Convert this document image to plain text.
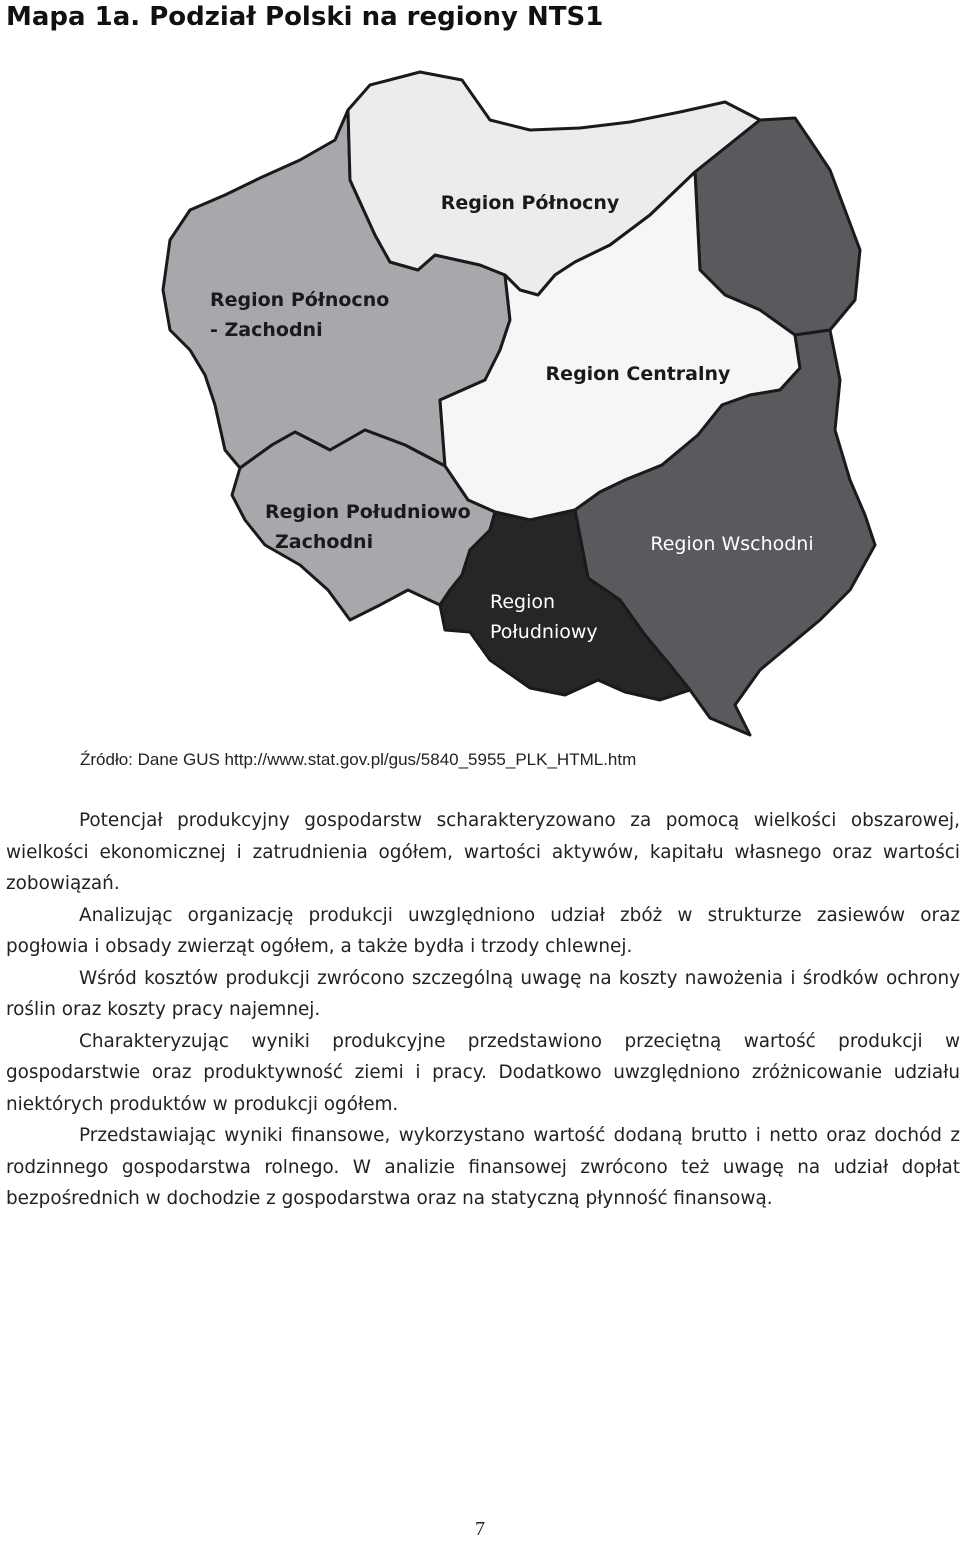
Mapa 1a. Podział Polski na regiony NTS1
Region Północny
Region Północno
- Zachodni
Region Centralny
Region Południowo
Zachodni
Region
Południowy
Region Wschodni
Źródło: Dane GUS http://www.stat.gov.pl/gus/5840_5955_PLK_HTML.htm

Potencjał produkcyjny gospodarstw scharakteryzowano za pomocą wielkości obszarowej, wielkości ekonomicznej i zatrudnienia ogółem, wartości aktywów, kapitału własnego oraz wartości zobowiązań.

Analizując organizację produkcji uwzględniono udział zbóż w strukturze zasiewów oraz pogłowia i obsady zwierząt ogółem, a także bydła i trzody chlewnej.

Wśród kosztów produkcji zwrócono szczególną uwagę na koszty nawożenia i środków ochrony roślin oraz koszty pracy najemnej.

Charakteryzując wyniki produkcyjne przedstawiono przeciętną wartość produkcji w gospodarstwie oraz produktywność ziemi i pracy. Dodatkowo uwzględniono zróżnicowanie udziału niektórych produktów w produkcji ogółem.

Przedstawiając wyniki finansowe, wykorzystano wartość dodaną brutto i netto oraz dochód z rodzinnego gospodarstwa rolnego. W analizie finansowej zwrócono też uwagę na udział dopłat bezpośrednich w dochodzie z gospodarstwa oraz na statyczną płynność finansową.

7
